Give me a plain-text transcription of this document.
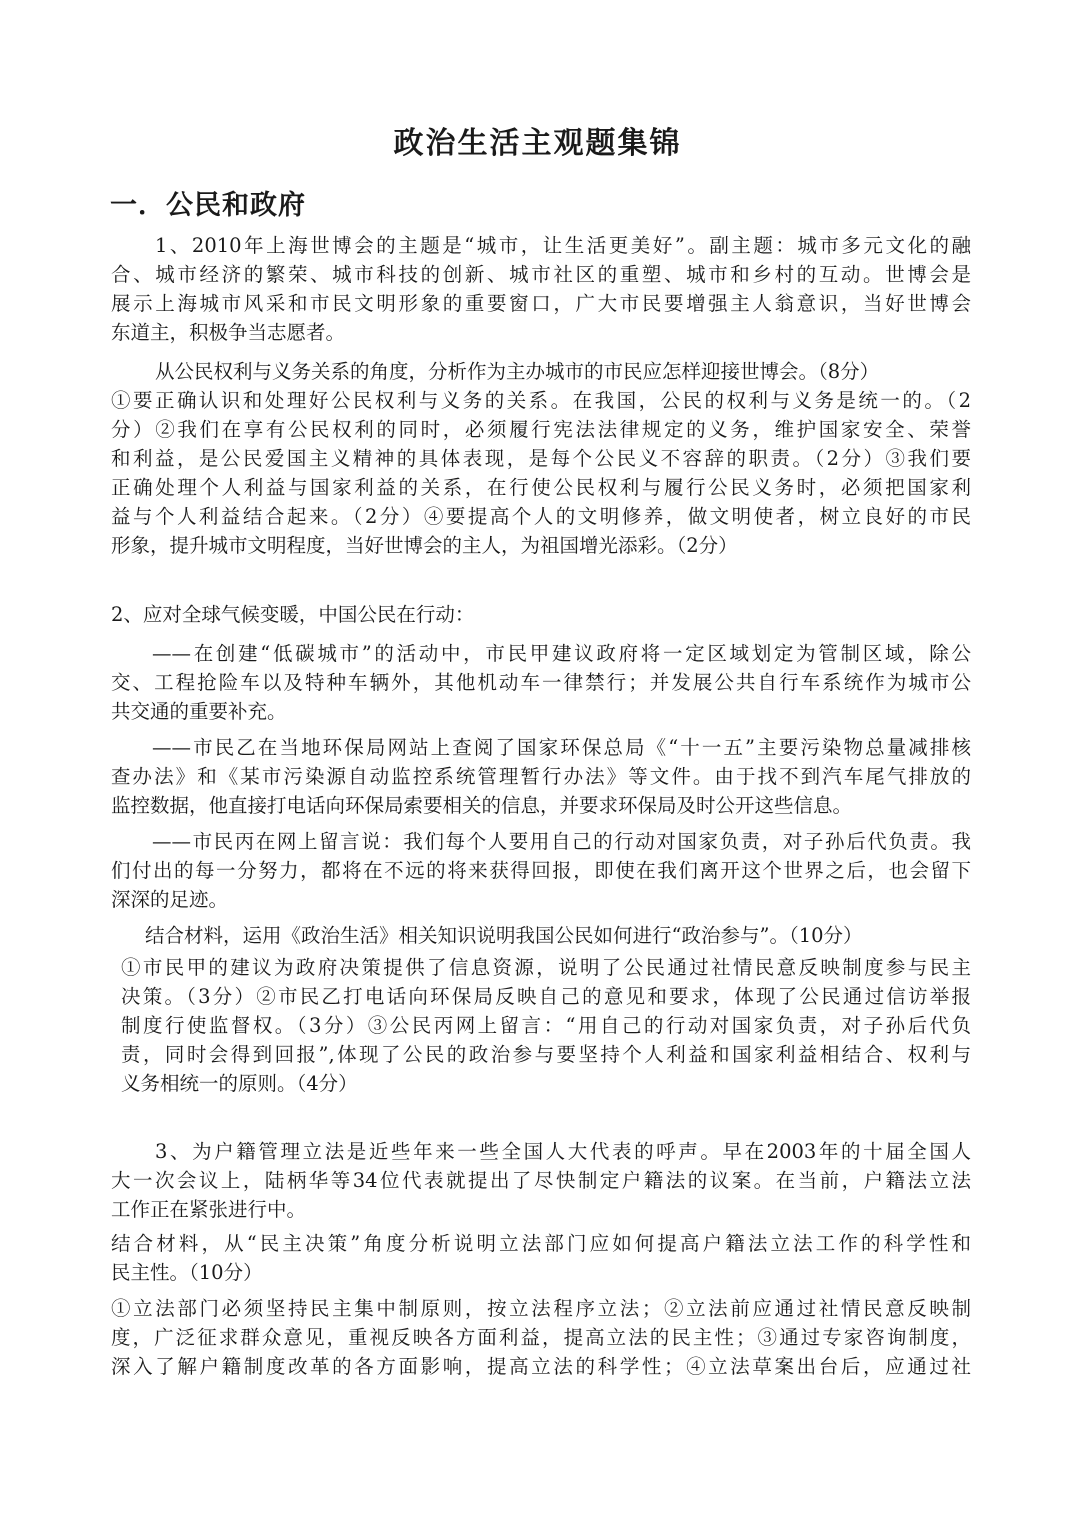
政治生活主观题集锦
一．公民和政府
1、2010年上海世博会的主题是“城市，让生活更美好”。副主题：城市多元文化的融
合、城市经济的繁荣、城市科技的创新、城市社区的重塑、城市和乡村的互动。世博会是
展示上海城市风采和市民文明形象的重要窗口，广大市民要增强主人翁意识，当好世博会
东道主，积极争当志愿者。
从公民权利与义务关系的角度，分析作为主办城市的市民应怎样迎接世博会。（8分）
①要正确认识和处理好公民权利与义务的关系。在我国，公民的权利与义务是统一的。（2
分）②我们在享有公民权利的同时，必须履行宪法法律规定的义务，维护国家安全、荣誉
和利益，是公民爱国主义精神的具体表现，是每个公民义不容辞的职责。（2分）③我们要
正确处理个人利益与国家利益的关系，在行使公民权利与履行公民义务时，必须把国家利
益与个人利益结合起来。（2分）④要提高个人的文明修养，做文明使者，树立良好的市民
形象，提升城市文明程度，当好世博会的主人，为祖国增光添彩。（2分）
2、应对全球气候变暖，中国公民在行动：
——在创建“低碳城市”的活动中，市民甲建议政府将一定区域划定为管制区域，除公
交、工程抢险车以及特种车辆外，其他机动车一律禁行；并发展公共自行车系统作为城市公
共交通的重要补充。
——市民乙在当地环保局网站上查阅了国家环保总局《“十一五”主要污染物总量减排核
查办法》和《某市污染源自动监控系统管理暂行办法》等文件。由于找不到汽车尾气排放的
监控数据，他直接打电话向环保局索要相关的信息，并要求环保局及时公开这些信息。
——市民丙在网上留言说：我们每个人要用自己的行动对国家负责，对子孙后代负责。我
们付出的每一分努力，都将在不远的将来获得回报，即使在我们离开这个世界之后，也会留下
深深的足迹。
结合材料，运用《政治生活》相关知识说明我国公民如何进行“政治参与”。（10分）
①市民甲的建议为政府决策提供了信息资源，说明了公民通过社情民意反映制度参与民主
决策。（3分）②市民乙打电话向环保局反映自己的意见和要求，体现了公民通过信访举报
制度行使监督权。（3分）③公民丙网上留言：“用自己的行动对国家负责，对子孙后代负
责，同时会得到回报”,体现了公民的政治参与要坚持个人利益和国家利益相结合、权利与
义务相统一的原则。（4分）
3、为户籍管理立法是近些年来一些全国人大代表的呼声。早在2003年的十届全国人
大一次会议上，陆柄华等34位代表就提出了尽快制定户籍法的议案。在当前，户籍法立法
工作正在紧张进行中。
结合材料，从“民主决策”角度分析说明立法部门应如何提高户籍法立法工作的科学性和
民主性。（10分）
①立法部门必须坚持民主集中制原则，按立法程序立法；②立法前应通过社情民意反映制
度，广泛征求群众意见，重视反映各方面利益，提高立法的民主性；③通过专家咨询制度，
深入了解户籍制度改革的各方面影响，提高立法的科学性；④立法草案出台后，应通过社
